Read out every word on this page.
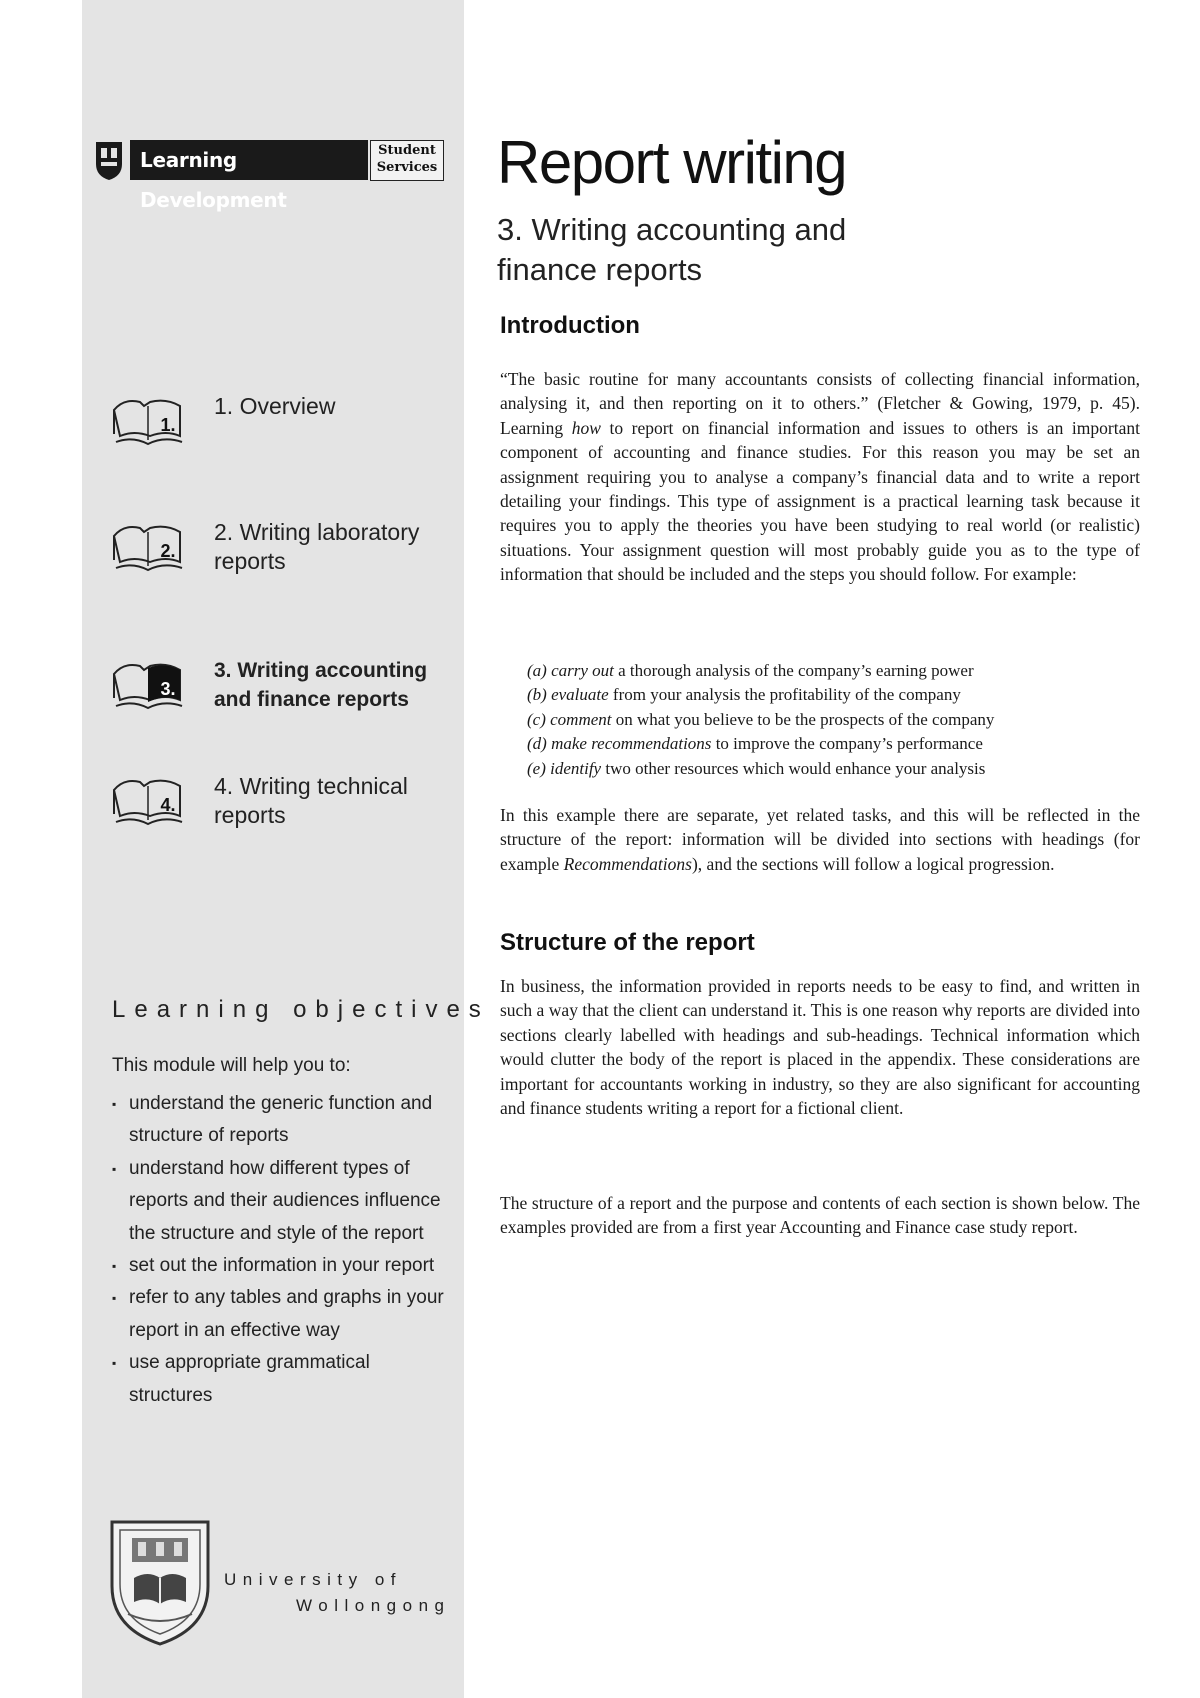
Learning Development
Student
Services
1.
1. Overview
2.
2. Writing laboratory reports
3.
3. Writing accounting and finance reports
4.
4. Writing technical reports
Learning objectives
This module will help you to:
▪ understand the generic function and structure of reports
▪ understand how different types of reports and their audiences influence the structure and style of the report
▪ set out the information in your report
▪ refer to any tables and graphs in your report in an effective way
▪ use appropriate grammatical structures
University of
Wollongong
Report writing
3. Writing accounting and finance reports
Introduction
“The basic routine for many accountants consists of collecting financial information, analysing it, and then reporting on it to others.” (Fletcher & Gowing, 1979, p. 45). Learning how to report on financial information and issues to others is an important component of accounting and finance studies. For this reason you may be set an assignment requiring you to analyse a company’s financial data and to write a report detailing your findings. This type of assignment is a practical learning task because it requires you to apply the theories you have been studying to real world (or realistic) situations. Your assignment question will most probably guide you as to the type of information that should be included and the steps you should follow. For example:
(a) carry out a thorough analysis of the company’s earning power
(b) evaluate from your analysis the profitability of the company
(c) comment on what you believe to be the prospects of the company
(d) make recommendations to improve the company’s performance
(e) identify two other resources which would enhance your analysis
In this example there are separate, yet related tasks, and this will be reflected in the structure of the report: information will be divided into sections with headings (for example Recommendations), and the sections will follow a logical progression.
Structure of the report
In business, the information provided in reports needs to be easy to find, and written in such a way that the client can understand it. This is one reason why reports are divided into sections clearly labelled with headings and sub-headings. Technical information which would clutter the body of the report is placed in the appendix. These considerations are important for accountants working in industry, so they are also significant for accounting and finance students writing a report for a fictional client.
The structure of a report and the purpose and contents of each section is shown below. The examples provided are from a first year Accounting and Finance case study report.
